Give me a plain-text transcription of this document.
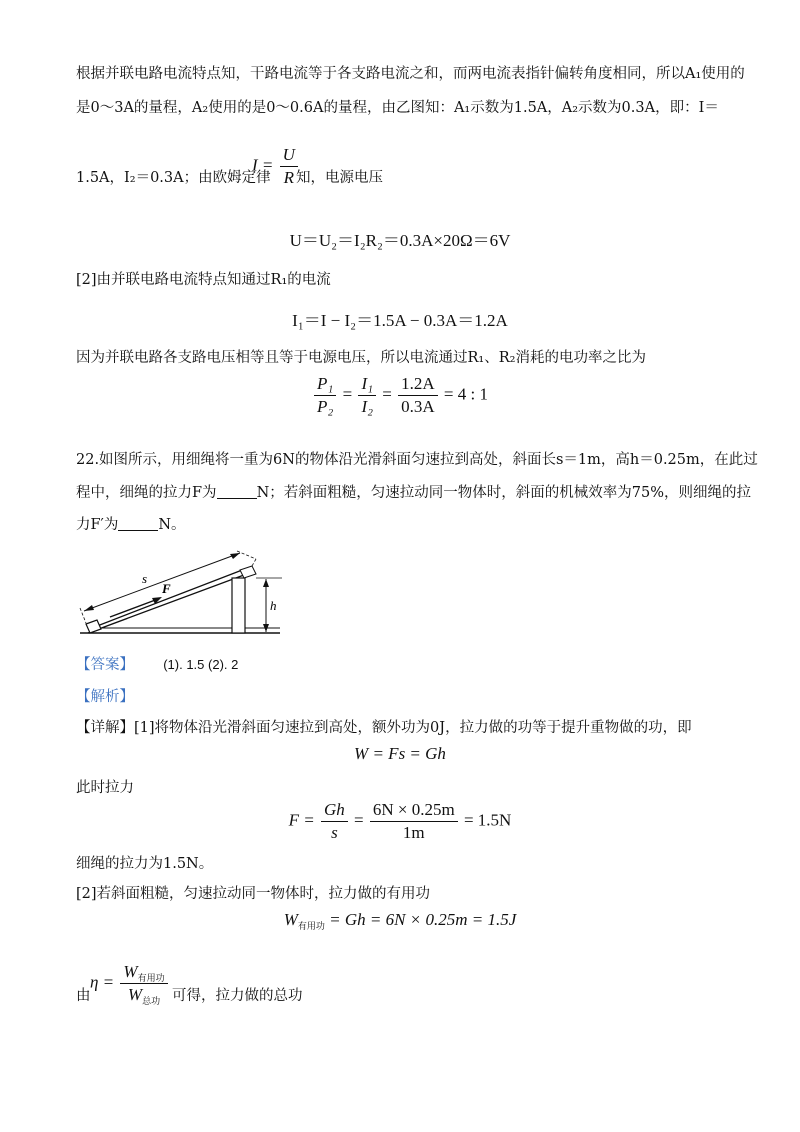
根据并联电路电流特点知，干路电流等于各支路电流之和，而两电流表指针偏转角度相同，所以A₁使用的
是0～3A的量程，A₂使用的是0～0.6A的量程，由乙图知：A₁示数为1.5A，A₂示数为0.3A，即：I＝
1.5A，I₂＝0.3A；由欧姆定律
$I = \frac{U}{R}$
知，电源电压
U＝U₂＝I₂R₂＝0.3A×20Ω＝6V
[2]由并联电路电流特点知通过R₁的电流
I₁＝I − I₂＝1.5A − 0.3A＝1.2A
因为并联电路各支路电压相等且等于电源电压，所以电流通过R₁、R₂消耗的电功率之比为
$\frac{\text{P₁}}{\text{P₂}} = \frac{\text{I₁}}{\text{I₂}} = \frac{1.2A}{0.3A} = 4$ : 1
22.如图所示，用细绳将一重为6N的物体沿光滑斜面匀速拉到高处，斜面长s＝1m，高h＝0.25m，在此过
程中，细绳的拉力F为	N；若斜面粗糙，匀速拉动同一物体时，斜面的机械效率为75%，则细绳的拉
力F′为	N。
s
F
h
【答案】 (1). 1.5 (2). 2
【解析】
【详解】[1]将物体沿光滑斜面匀速拉到高处，额外功为0J，拉力做的功等于提升重物做的功，即
W = Fs = Gh
此时拉力
$F = \frac{Gh}{s} = \frac{6N \times 0.25m}{1m} = 1.5N$
细绳的拉力为1.5N。
[2]若斜面粗糙，匀速拉动同一物体时，拉力做的有用功
$W_{有用功} = Gh = 6N \times 0.25m = 1.5J$
由
$\eta = \frac{W_{有用功}}{W_{总功}}$ 可得，拉力做的总功
